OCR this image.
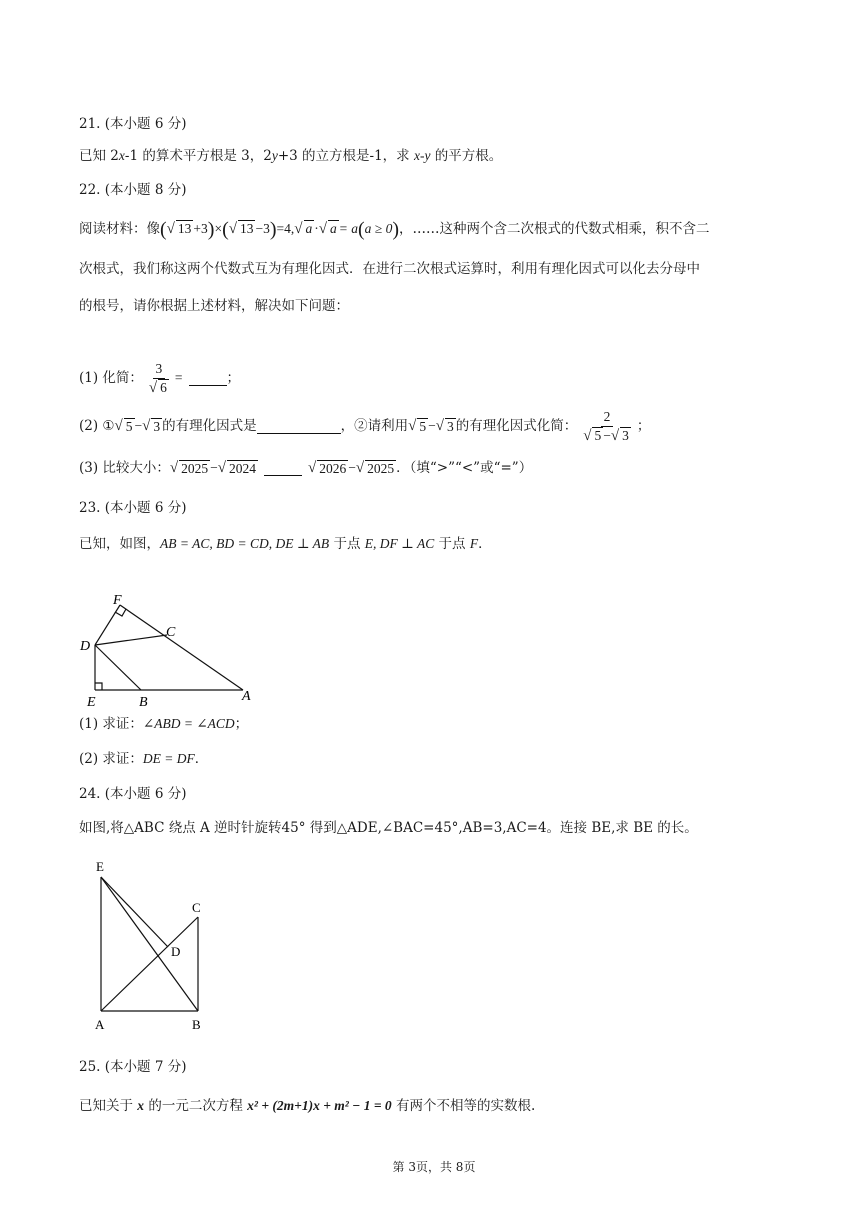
21. (本小题 6 分)
已知 2x-1 的算术平方根是 3，2y+3 的立方根是-1，求 x-y 的平方根。
22. (本小题 8 分)
阅读材料：像(√ 13 +3)×(√ 13 −3)=4,√ a ·√ a = a(a ≥ 0)，……这种两个含二次根式的代数式相乘，积不含二
次根式，我们称这两个代数式互为有理化因式．在进行二次根式运算时，利用有理化因式可以化去分母中
的根号，请你根据上述材料，解决如下问题：
(1) 化简： $\frac{3}{√ 6}$ =	；
(2) ① √ 5 − √ 3 的有理化因式是	，②请利用 √ 5 − √ 3 的有理化因式化简： $\frac{2}{√ 5 -√ 3}$ ；
(3) 比较大小： √ 2025 − √ 2024	√ 2026 − √ 2025 ．（填“>”“<”或“=”）
23. (本小题 6 分)
已知，如图，AB = AC, BD = CD, DE ⊥ AB 于点 E, DF ⊥ AC 于点 F．
F
C
D
E	B	A
(1) 求证：∠ABD = ∠ACD；
(2) 求证：DE = DF．
24. (本小题 6 分)
如图,将△ABC 绕点 A 逆时针旋转45° 得到△ADE,∠BAC=45°,AB=3,AC=4。连接 BE,求 BE 的长。
E
C
D
A	B
25. (本小题 7 分)
已知关于 x 的一元二次方程 x² + (2m+1)x + m² − 1 = 0 有两个不相等的实数根.
第 3页，共 8页
